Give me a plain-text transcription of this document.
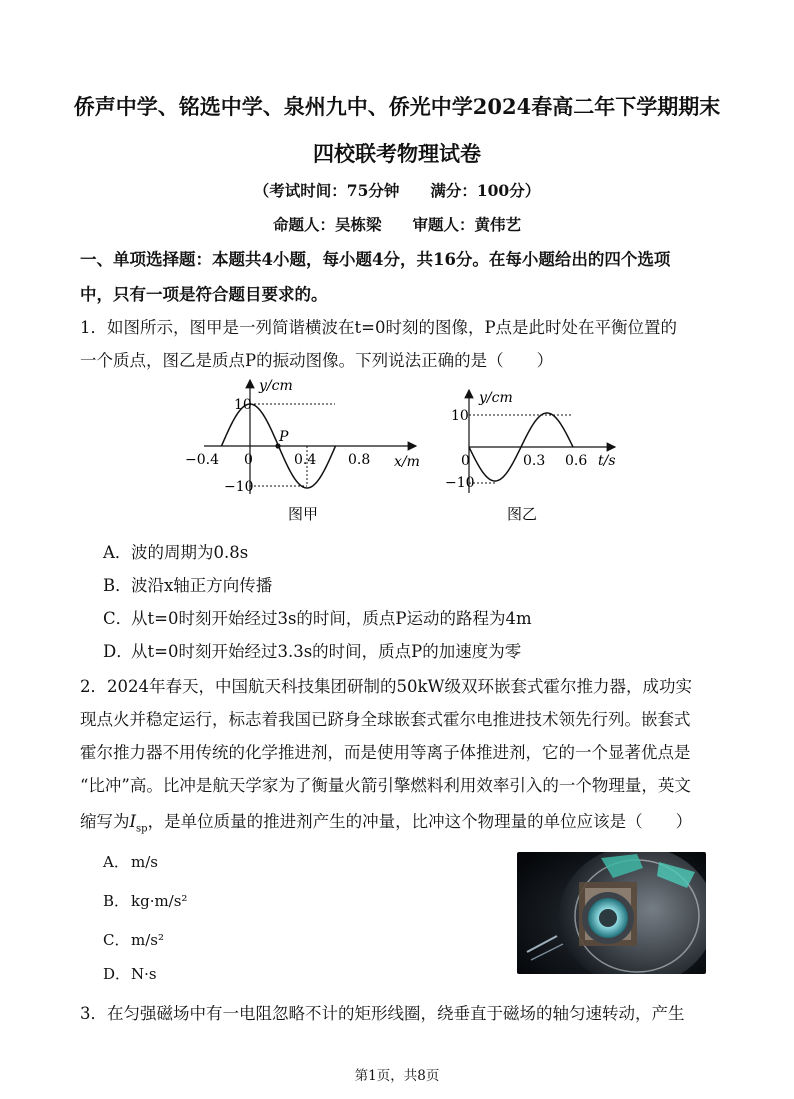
侨声中学、铭选中学、泉州九中、侨光中学2024春高二年下学期期末
四校联考物理试卷
（考试时间：75分钟　　满分：100分）
命题人：吴栋梁　　审题人：黄伟艺
一、单项选择题：本题共4小题，每小题4分，共16分。在每小题给出的四个选项
中，只有一项是符合题目要求的。
1．如图所示，图甲是一列简谐横波在t=0时刻的图像，P点是此时处在平衡位置的
一个质点，图乙是质点P的振动图像。下列说法正确的是（　　）
P
y/cm
x/m
10
−10
−0.4 0	0.4 0.8
图甲
y/cm
t/s
10
−10
0	0.3 0.6
图乙
A．波的周期为0.8s
B．波沿x轴正方向传播
C．从t=0时刻开始经过3s的时间，质点P运动的路程为4m
D．从t=0时刻开始经过3.3s的时间，质点P的加速度为零
2．2024年春天，中国航天科技集团研制的50kW级双环嵌套式霍尔推力器，成功实
现点火并稳定运行，标志着我国已跻身全球嵌套式霍尔电推进技术领先行列。嵌套式
霍尔推力器不用传统的化学推进剂，而是使用等离子体推进剂，它的一个显著优点是
“比冲”高。比冲是航天学家为了衡量火箭引擎燃料利用效率引入的一个物理量，英文
缩写为$I_{sp}$，是单位质量的推进剂产生的冲量，比冲这个物理量的单位应该是（　　）
A． m/s
B． kg·m/s²
C． m/s²
D．N·s
3．在匀强磁场中有一电阻忽略不计的矩形线圈，绕垂直于磁场的轴匀速转动，产生
第1页，共8页
